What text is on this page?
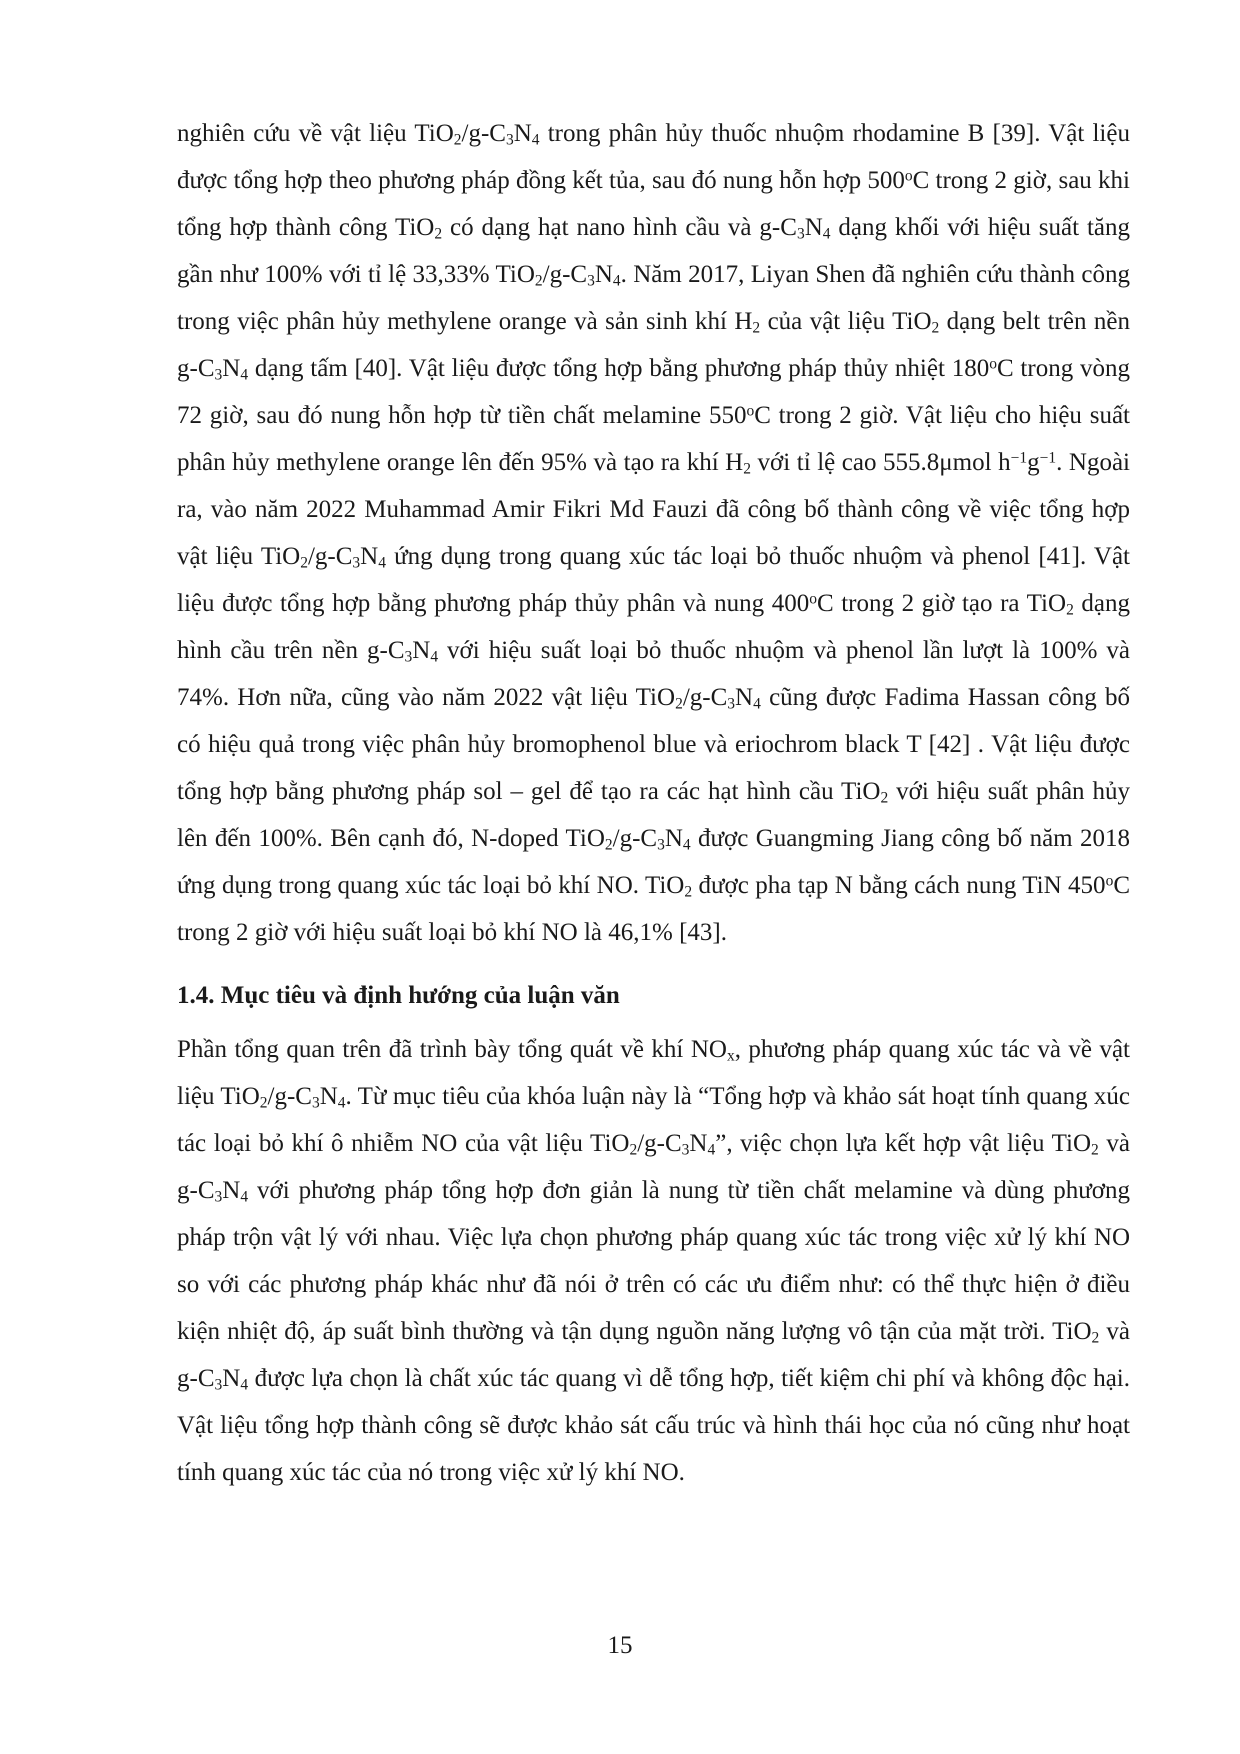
nghiên cứu về vật liệu $TiO_2/g-C_3N_4$ trong phân hủy thuốc nhuộm rhodamine B [39]. Vật liệu được tổng hợp theo phương pháp đồng kết tủa, sau đó nung hỗn hợp 500$^o$C trong 2 giờ, sau khi tổng hợp thành công TiO$_2$ có dạng hạt nano hình cầu và $g-C_3N_4$ dạng khối với hiệu suất tăng gần như 100% với tỉ lệ 33,33% $TiO_2/g-C_3N_4$. Năm 2017, Liyan Shen đã nghiên cứu thành công trong việc phân hủy methylene orange và sản sinh khí $H_2$ của vật liệu TiO$_2$ dạng belt trên nền $g-C_3N_4$ dạng tấm [40]. Vật liệu được tổng hợp bằng phương pháp thủy nhiệt 180$^o$C trong vòng 72 giờ, sau đó nung hỗn hợp từ tiền chất melamine 550$^o$C trong 2 giờ. Vật liệu cho hiệu suất phân hủy methylene orange lên đến 95% và tạo ra khí $H_2$ với tỉ lệ cao 555.8μmol $h^{-1}g^{-1}$. Ngoài ra, vào năm 2022 Muhammad Amir Fikri Md Fauzi đã công bố thành công về việc tổng hợp vật liệu $TiO_2/g-C_3N_4$ ứng dụng trong quang xúc tác loại bỏ thuốc nhuộm và phenol [41]. Vật liệu được tổng hợp bằng phương pháp thủy phân và nung 400$^o$C trong 2 giờ tạo ra TiO$_2$ dạng hình cầu trên nền $g-C_3N_4$ với hiệu suất loại bỏ thuốc nhuộm và phenol lần lượt là 100% và 74%. Hơn nữa, cũng vào năm 2022 vật liệu $TiO_2/g-C_3N_4$ cũng được Fadima Hassan công bố có hiệu quả trong việc phân hủy bromophenol blue và eriochrom black T [42] . Vật liệu được tổng hợp bằng phương pháp sol – gel để tạo ra các hạt hình cầu TiO$_2$ với hiệu suất phân hủy lên đến 100%. Bên cạnh đó, N-doped $TiO_2/g-C_3N_4$ được Guangming Jiang công bố năm 2018 ứng dụng trong quang xúc tác loại bỏ khí NO. TiO$_2$ được pha tạp N bằng cách nung TiN 450$^o$C trong 2 giờ với hiệu suất loại bỏ khí NO là 46,1% [43].

1.4. Mục tiêu và định hướng của luận văn

Phần tổng quan trên đã trình bày tổng quát về khí $NO_x$, phương pháp quang xúc tác và về vật liệu $TiO_2/g-C_3N_4$. Từ mục tiêu của khóa luận này là “Tổng hợp và khảo sát hoạt tính quang xúc tác loại bỏ khí ô nhiễm NO của vật liệu $TiO_2/g-C_3N_4$”, việc chọn lựa kết hợp vật liệu TiO$_2$ và $g-C_3N_4$ với phương pháp tổng hợp đơn giản là nung từ tiền chất melamine và dùng phương pháp trộn vật lý với nhau. Việc lựa chọn phương pháp quang xúc tác trong việc xử lý khí NO so với các phương pháp khác như đã nói ở trên có các ưu điểm như: có thể thực hiện ở điều kiện nhiệt độ, áp suất bình thường và tận dụng nguồn năng lượng vô tận của mặt trời. TiO$_2$ và $g-C_3N_4$ được lựa chọn là chất xúc tác quang vì dễ tổng hợp, tiết kiệm chi phí và không độc hại. Vật liệu tổng hợp thành công sẽ được khảo sát cấu trúc và hình thái học của nó cũng như hoạt tính quang xúc tác của nó trong việc xử lý khí NO.

15
